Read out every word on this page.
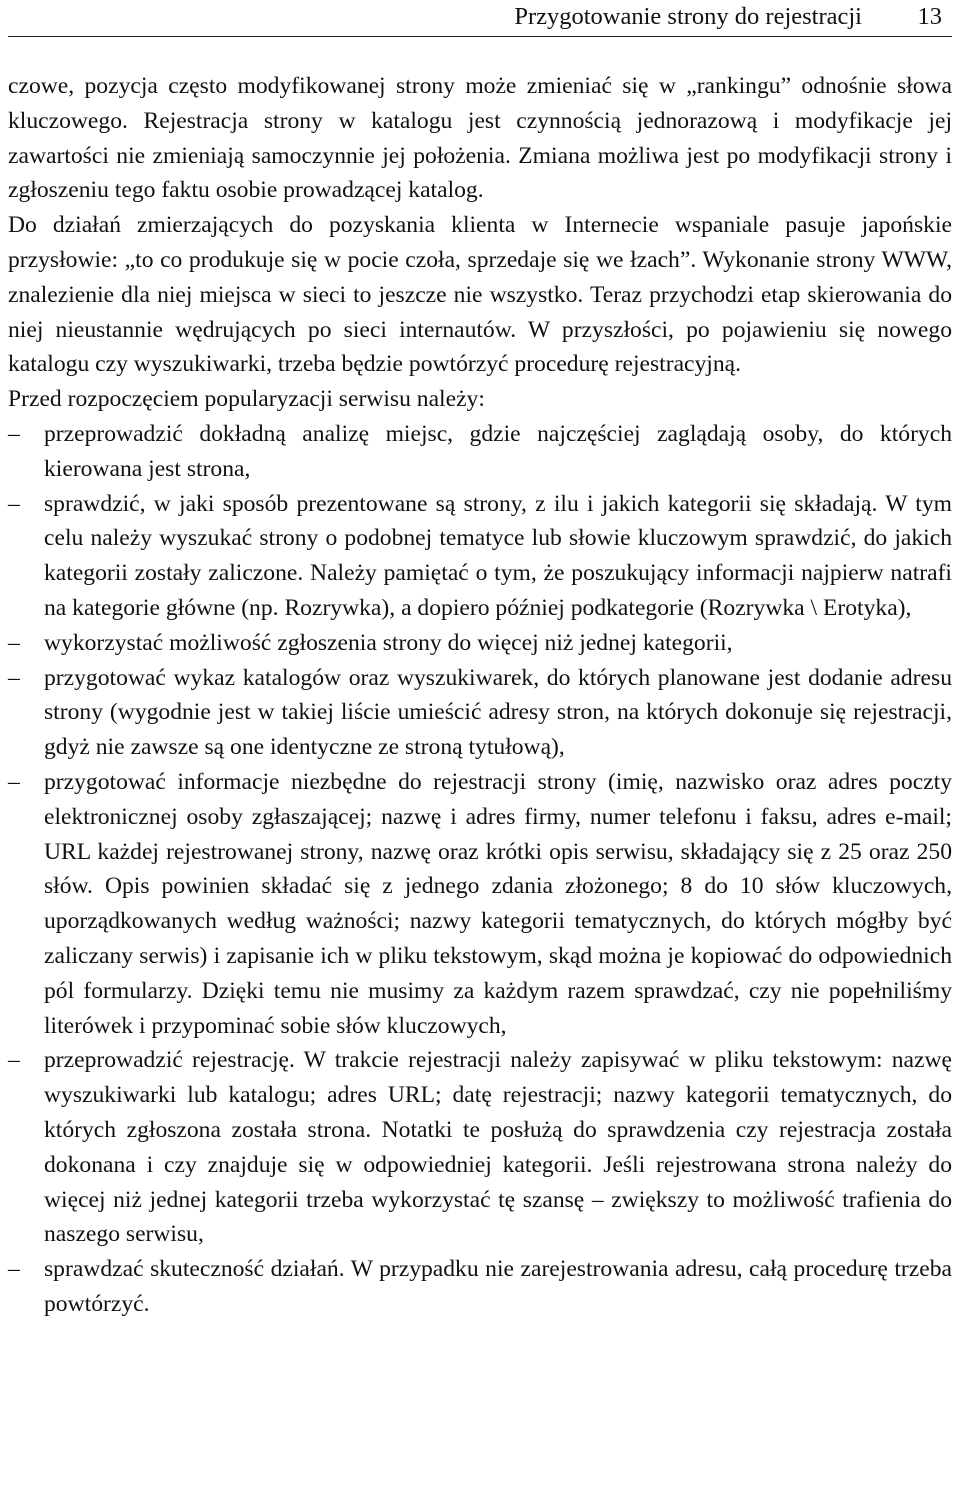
Przygotowanie strony do rejestracji 13

czowe, pozycja często modyfikowanej strony może zmieniać się w „rankingu” odnośnie słowa kluczowego. Rejestracja strony w katalogu jest czynnością jednorazową i modyfikacje jej zawartości nie zmieniają samoczynnie jej położenia. Zmiana możliwa jest po modyfikacji strony i zgłoszeniu tego faktu osobie prowadzącej katalog.

Do działań zmierzających do pozyskania klienta w Internecie wspaniale pasuje japońskie przysłowie: „to co produkuje się w pocie czoła, sprzedaje się we łzach”. Wykonanie strony WWW, znalezienie dla niej miejsca w sieci to jeszcze nie wszystko. Teraz przychodzi etap skierowania do niej nieustannie wędrujących po sieci internautów. W przyszłości, po pojawieniu się nowego katalogu czy wyszukiwarki, trzeba będzie powtórzyć procedurę rejestracyjną.

Przed rozpoczęciem popularyzacji serwisu należy:

– przeprowadzić dokładną analizę miejsc, gdzie najczęściej zaglądają osoby, do których kierowana jest strona,
– sprawdzić, w jaki sposób prezentowane są strony, z ilu i jakich kategorii się składają. W tym celu należy wyszukać strony o podobnej tematyce lub słowie kluczowym sprawdzić, do jakich kategorii zostały zaliczone. Należy pamiętać o tym, że poszukujący informacji najpierw natrafi na kategorie główne (np. Rozrywka), a dopiero później podkategorie (Rozrywka \ Erotyka),
– wykorzystać możliwość zgłoszenia strony do więcej niż jednej kategorii,
– przygotować wykaz katalogów oraz wyszukiwarek, do których planowane jest dodanie adresu strony (wygodnie jest w takiej liście umieścić adresy stron, na których dokonuje się rejestracji, gdyż nie zawsze są one identyczne ze stroną tytułową),
– przygotować informacje niezbędne do rejestracji strony (imię, nazwisko oraz adres poczty elektronicznej osoby zgłaszającej; nazwę i adres firmy, numer telefonu i faksu, adres e-mail; URL każdej rejestrowanej strony, nazwę oraz krótki opis serwisu, składający się z 25 oraz 250 słów. Opis powinien składać się z jednego zdania złożonego; 8 do 10 słów kluczowych, uporządkowanych według ważności; nazwy kategorii tematycznych, do których mógłby być zaliczany serwis) i zapisanie ich w pliku tekstowym, skąd można je kopiować do odpowiednich pól formularzy. Dzięki temu nie musimy za każdym razem sprawdzać, czy nie popełniliśmy literówek i przypominać sobie słów kluczowych,
– przeprowadzić rejestrację. W trakcie rejestracji należy zapisywać w pliku tekstowym: nazwę wyszukiwarki lub katalogu; adres URL; datę rejestracji; nazwy kategorii tematycznych, do których zgłoszona została strona. Notatki te posłużą do sprawdzenia czy rejestracja została dokonana i czy znajduje się w odpowiedniej kategorii. Jeśli rejestrowana strona należy do więcej niż jednej kategorii trzeba wykorzystać tę szansę – zwiększy to możliwość trafienia do naszego serwisu,
– sprawdzać skuteczność działań. W przypadku nie zarejestrowania adresu, całą procedurę trzeba powtórzyć.
